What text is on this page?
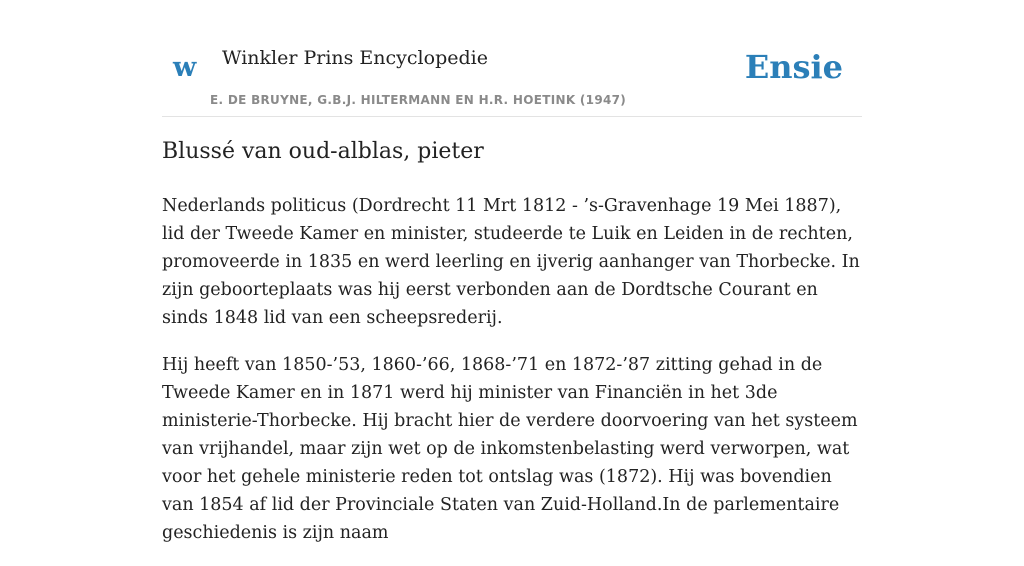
w Winkler Prins Encyclopedie
E. DE BRUYNE, G.B.J. HILTERMANN EN H.R. HOETINK (1947)
Ensie
Blussé van oud-alblas, pieter

Nederlands politicus (Dordrecht 11 Mrt 1812 - ’s-Gravenhage 19 Mei 1887), lid der Tweede Kamer en minister, studeerde te Luik en Leiden in de rechten, promoveerde in 1835 en werd leerling en ijverig aanhanger van Thorbecke. In zijn geboorteplaats was hij eerst verbonden aan de Dordtsche Courant en sinds 1848 lid van een scheepsrederij.

Hij heeft van 1850-’53, 1860-’66, 1868-’71 en 1872-’87 zitting gehad in de Tweede Kamer en in 1871 werd hij minister van Financiën in het 3de ministerie-Thorbecke. Hij bracht hier de verdere doorvoering van het systeem van vrijhandel, maar zijn wet op de inkomstenbelasting werd verworpen, wat voor het gehele ministerie reden tot ontslag was (1872). Hij was bovendien van 1854 af lid der Provinciale Staten van Zuid-Holland.In de parlementaire geschiedenis is zijn naam
